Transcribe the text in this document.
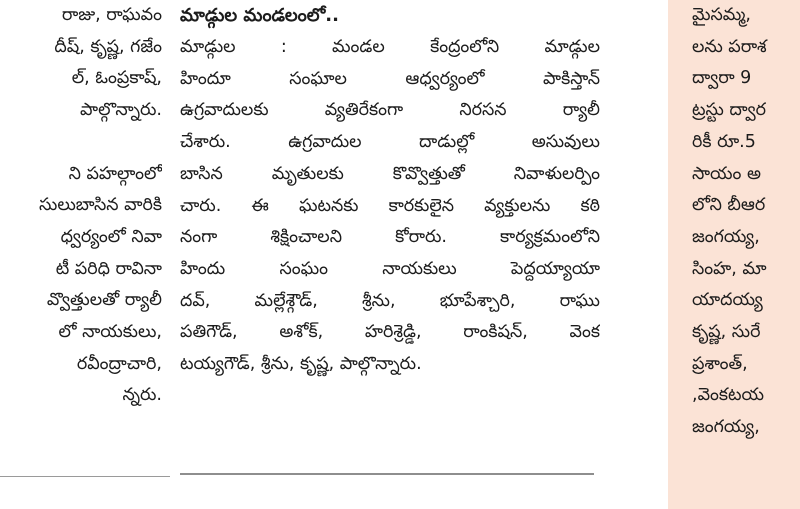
రాజు, రాఘవం
దీష్, కృష్ణ, గజేం
ల్, ఓంప్రకాష్,
పాల్గొన్నారు.

ని పహల్గాంలో
సులుబాసిన వారికి
ధ్వర్యంలో నివా
టీ పరిధి రావినా
వ్వొత్తులతో ర్యాలీ
లో నాయకులు,
రవీంద్రాచారి,
న్నరు.
మాడ్గుల మండలంలో..
మాడ్గుల : మండల కేంద్రంలోని మాడ్గుల
హిందూ సంఘాల ఆధ్వర్యంలో పాకిస్తాన్
ఉగ్రవాదులకు వ్యతిరేకంగా నిరసన ర్యాలీ
చేశారు. ఉగ్రవాదుల దాడుల్లో అసువులు
బాసిన మృతులకు కొవ్వొత్తుతో నివాళులర్పిం
చారు. ఈ ఘటనకు కారకులైన వ్యక్తులను కఠి
నంగా శిక్షించాలని కోరారు. కార్యక్రమంలోని
హిందు సంఘం నాయకులు పెద్దయ్యాయా
దవ్, మల్లేశ్గౌడ్, శ్రీను, భూపేశ్చారి, రాఘు
పతిగౌడ్, అశోక్, హరిశ్రెడ్డి, రాంకిషన్, వెంక
టయ్యగౌడ్, శ్రీను, కృష్ణ, పాల్గొన్నారు.
మైసమ్మ,
లను పరాశ
ద్వారా 9
ట్రస్టు ద్వార
రికీ రూ.5
సాయం అ
లోని బీఆర
జంగయ్య,
సింహ, మా
యాదయ్య
కృష్ణ, సురే
ప్రశాంత్,
,వెంకటయ
జంగయ్య,
